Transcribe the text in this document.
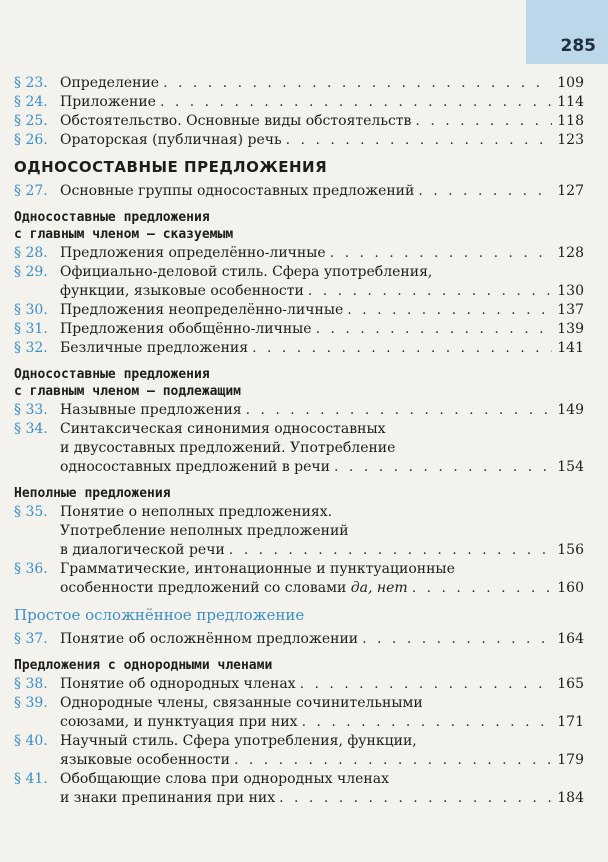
285
§ 23. Определение . . .	109
§ 24. Приложение . . .	114
§ 25. Обстоятельство. Основные виды обстоятельств . . .	118
§ 26. Ораторская (публичная) речь . . .	123
ОДНОСОСТАВНЫЕ ПРЕДЛОЖЕНИЯ
§ 27. Основные группы односоставных предложений . . .	127
Односоставные предложения
с главным членом — сказуемым
§ 28. Предложения определённо-личные . . .	128
§ 29. Официально-деловой стиль. Сфера употребления,
функции, языковые особенности . . .	130
§ 30. Предложения неопределённо-личные . . .	137
§ 31. Предложения обобщённо-личные . . .	139
§ 32. Безличные предложения . . .	141
Односоставные предложения
с главным членом — подлежащим
§ 33. Назывные предложения . . .	149
§ 34. Синтаксическая синонимия односоставных
и двусоставных предложений. Употребление
односоставных предложений в речи . . .	154
Неполные предложения
§ 35. Понятие о неполных предложениях.
Употребление неполных предложений
в диалогической речи . . .	156
§ 36. Грамматические, интонационные и пунктуационные
особенности предложений со словами да, нет . . .	160
Простое осложнённое предложение
§ 37. Понятие об осложнённом предложении . . .	164
Предложения с однородными членами
§ 38. Понятие об однородных членах . . .	165
§ 39. Однородные члены, связанные сочинительными
союзами, и пунктуация при них . . .	171
§ 40. Научный стиль. Сфера употребления, функции,
языковые особенности . . .	179
§ 41. Обобщающие слова при однородных членах
и знаки препинания при них . . .	184
